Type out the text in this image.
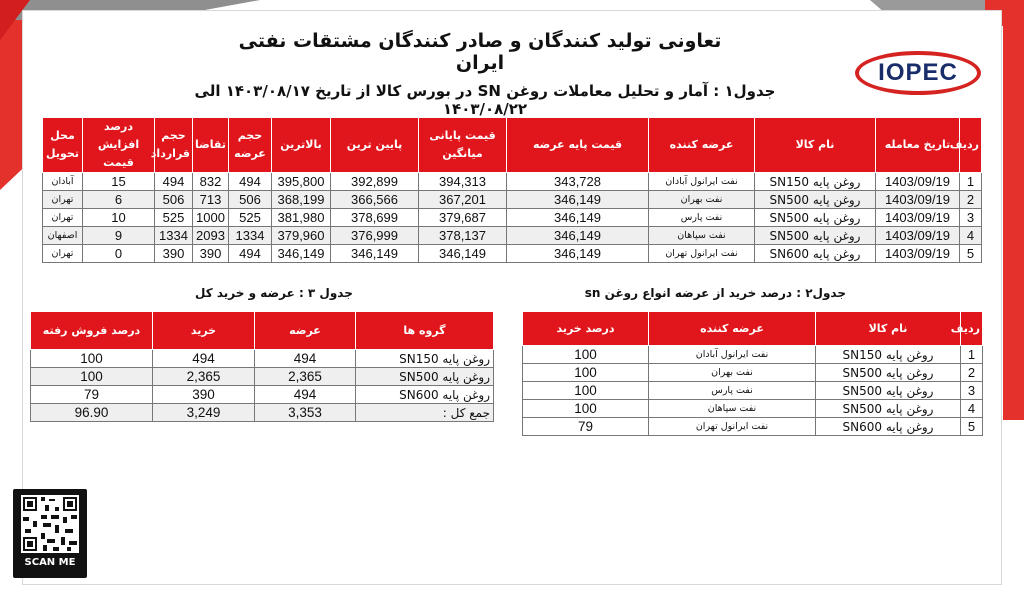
تعاونی تولید کنندگان و صادر کنندگان مشتقات نفتی ایران	IOPEC
جدول۱ : آمار و تحلیل معاملات روغن SN در بورس کالا از تاریخ ۱۴۰۳/۰۸/۱۷ الی ۱۴۰۳/۰۸/۲۲
ردیف	تاریخ معامله	نام کالا	عرضه کننده	قیمت پایه عرضه	قیمت پایانی میانگین	پایین ترین	بالاترین	حجم عرضه	تقاضا	حجم قرارداد	درصد افزایش قیمت	محل تحویل
1	1403/09/19	روغن پایه SN150	نفت ایرانول آبادان	343,728	394,313	392,899	395,800	494	832	494	15	آبادان
2	1403/09/19	روغن پایه SN500	نفت بهران	346,149	367,201	366,566	368,199	506	713	506	6	تهران
3	1403/09/19	روغن پایه SN500	نفت پارس	346,149	379,687	378,699	381,980	525	1000	525	10	تهران
4	1403/09/19	روغن پایه SN500	نفت سپاهان	346,149	378,137	376,999	379,960	1334	2093	1334	9	اصفهان
5	1403/09/19	روغن پایه SN600	نفت ایرانول تهران	346,149	346,149	346,149	346,149	494	390	390	0	تهران
جدول۲ : درصد خرید از عرضه انواع روغن sn
ردیف	نام کالا	عرضه کننده	درصد خرید
1	روغن پایه SN150	نفت ایرانول آبادان	100
2	روغن پایه SN500	نفت بهران	100
3	روغن پایه SN500	نفت پارس	100
4	روغن پایه SN500	نفت سپاهان	100
5	روغن پایه SN600	نفت ایرانول تهران	79
جدول ۳ : عرضه و خرید کل
گروه ها	عرضه	خرید	درصد فروش رفته
روغن پایه SN150	494	494	100
روغن پایه SN500	2,365	2,365	100
روغن پایه SN600	494	390	79
جمع کل :	3,353	3,249	96.90
SCAN ME
